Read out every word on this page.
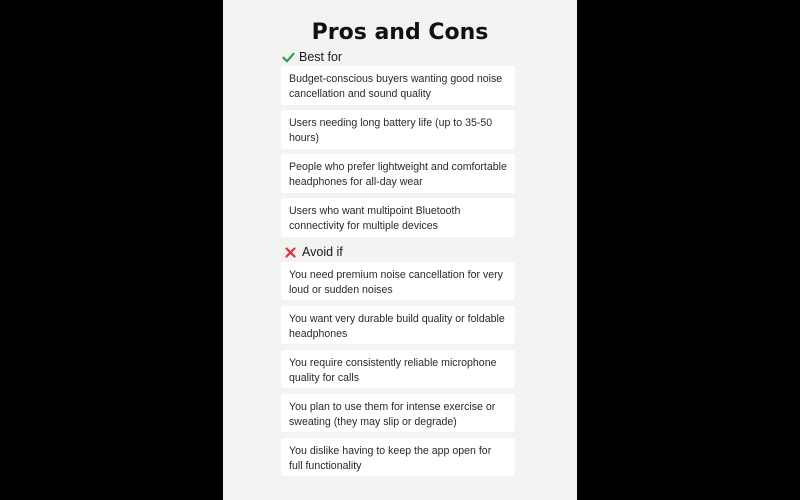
Pros and Cons
Best for
Budget-conscious buyers wanting good noise cancellation and sound quality
Users needing long battery life (up to 35-50 hours)
People who prefer lightweight and comfortable headphones for all-day wear
Users who want multipoint Bluetooth connectivity for multiple devices
Avoid if
You need premium noise cancellation for very loud or sudden noises
You want very durable build quality or foldable headphones
You require consistently reliable microphone quality for calls
You plan to use them for intense exercise or sweating (they may slip or degrade)
You dislike having to keep the app open for full functionality
